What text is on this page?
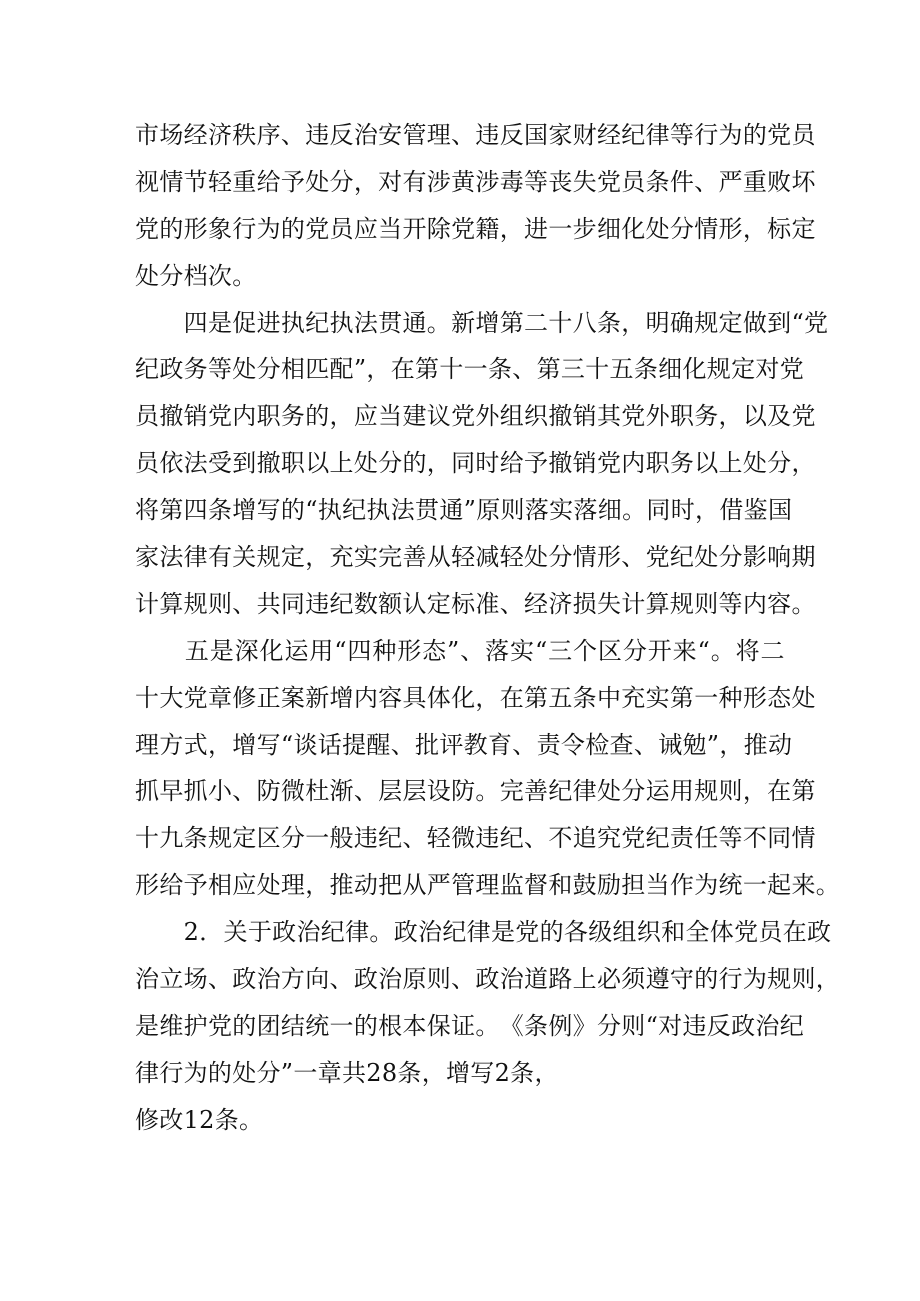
市 场 经 济 秩 序 、 违 反 治 安 管 理 、 违 反 国 家 财 经 纪 律 等 行 为 的 党 员
视 情 节 轻 重 给 予 处 分 ， 对 有 涉 黄 涉 毒 等 丧 失 党 员 条 件 、 严 重 败 坏
党 的 形 象 行 为 的 党 员 应 当 开 除 党 籍 ， 进 一 步 细 化 处 分 情 形 ， 标 定
处分档次。

四 是 促 进 执 纪 执 法 贯 通 。 新 增 第 二 十 八 条 ， 明 确 规 定 做 到 “ 党
纪 政 务 等 处 分 相 匹 配 ” ， 在 第 十 一 条 、 第 三 十 五 条 细 化 规 定 对 党
员 撤 销 党 内 职 务 的 ， 应 当 建 议 党 外 组 织 撤 销 其 党 外 职 务 ， 以 及 党
员 依 法 受 到 撤 职 以 上 处 分 的 ， 同 时 给 予 撤 销 党 内 职 务 以 上 处 分 ，
将 第 四 条 增 写 的 “ 执 纪 执 法 贯 通 ” 原 则 落 实 落 细 。 同 时 ， 借 鉴 国
家 法 律 有 关 规 定 ， 充 实 完 善 从 轻 减 轻 处 分 情 形 、 党 纪 处 分 影 响 期
计 算 规 则 、 共 同 违 纪 数 额 认 定 标 准 、 经 济 损 失 计 算 规 则 等 内 容 。

五 是 深 化 运 用 “ 四 种 形 态 ” 、 落 实 “ 三 个 区 分 开 来 “ 。 将 二
十 大 党 章 修 正 案 新 增 内 容 具 体 化 ， 在 第 五 条 中 充 实 第 一 种 形 态 处
理 方 式 ， 增 写 “ 谈 话 提 醒 、 批 评 教 育 、 责 令 检 查 、 诫 勉 ” ， 推 动
抓 早 抓 小 、 防 微 杜 渐 、 层 层 设 防 。 完 善 纪 律 处 分 运 用 规 则 ， 在 第
十 九 条 规 定 区 分 一 般 违 纪 、 轻 微 违 纪 、 不 追 究 党 纪 责 任 等 不 同 情
形 给 予 相 应 处 理 ， 推 动 把 从 严 管 理 监 督 和 鼓 励 担 当 作 为 统 一 起 来 。

2 ． 关 于 政 治 纪 律 。 政 治 纪 律 是 党 的 各 级 组 织 和 全 体 党 员 在 政
治 立 场 、 政 治 方 向 、 政 治 原 则 、 政 治 道 路 上 必 须 遵 守 的 行 为 规 则 ，
是 维 护 党 的 团 结 统 一 的 根 本 保 证 。 《 条 例 》 分 则 “ 对 违 反 政 治 纪
律行为的处分”一章共28条，增写2条，
修改12条。
